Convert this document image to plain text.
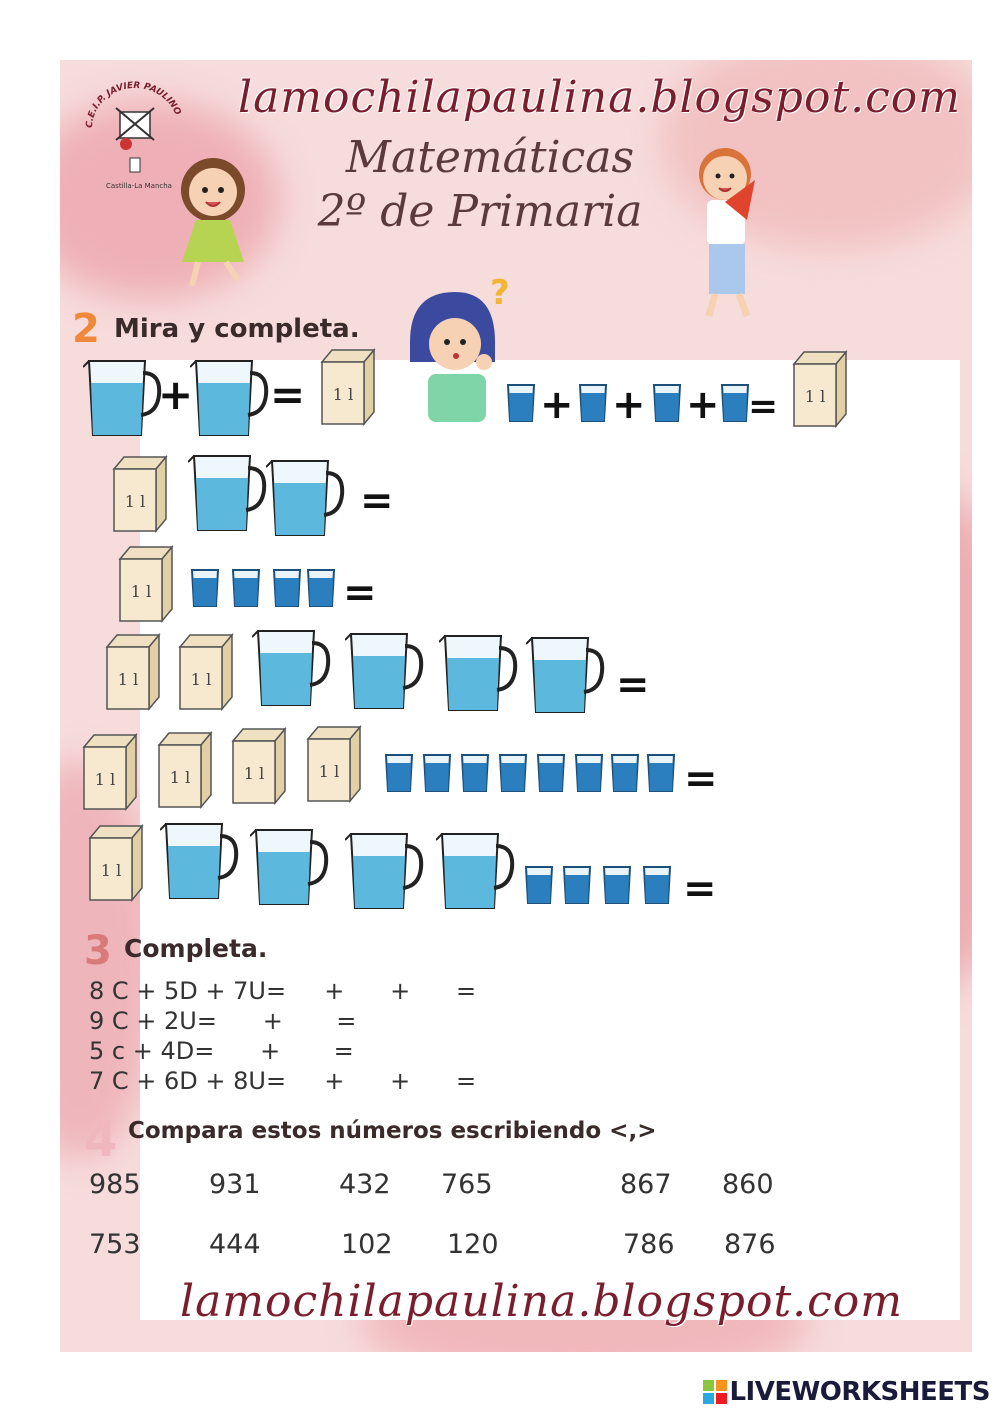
lamochilapaulina.blogspot.com
C.E.I.P. JAVIER PAULINO
Castilla-La Mancha
Matemáticas
2º de Primaria
?
2 Mira y completa.
+ = 1 l	+ + + = 1 l
1 l	=
1 l	=
1 l	1 l	=
1 l	1 l	1 l	1 l	=
1 l	=
3 Completa.
8 C + 5D + 7U=     +      +      =
9 C + 2U=      +       =
5 c + 4D=      +       =
7 C + 6D + 8U=     +      +      =
4 Compara estos números escribiendo <,>
985	931	432 765	867 860
753	444	102 120	786 876
lamochilapaulina.blogspot.com
LIVEWORKSHEETS
